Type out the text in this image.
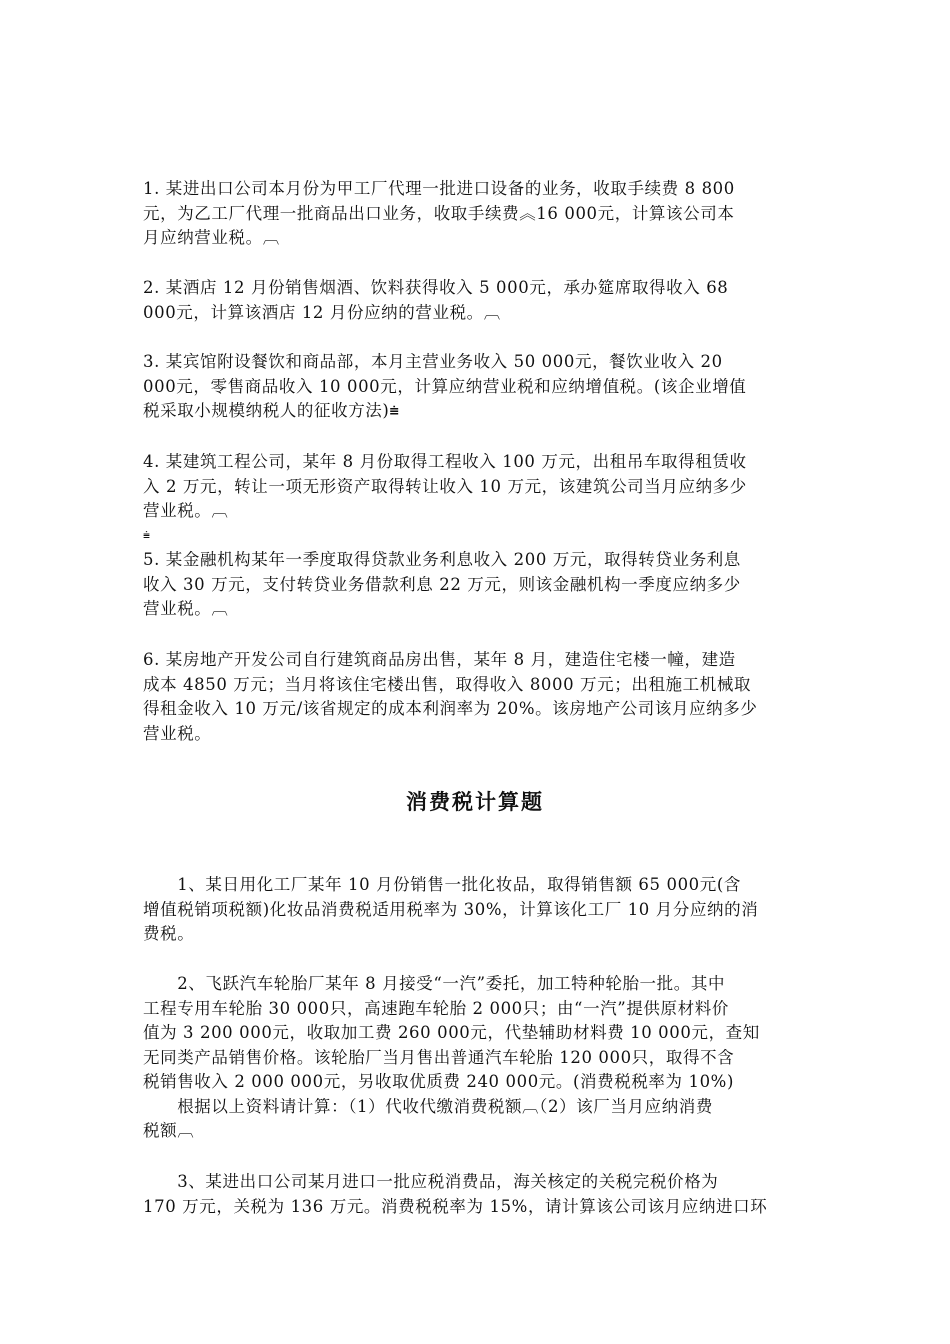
1. 某进出口公司本月份为甲工厂代理一批进口设备的业务，收取手续费 8 800
元，为乙工厂代理一批商品出口业务，收取手续费︽16 000元，计算该公司本
月应纳营业税。︹
2. 某酒店 12 月份销售烟酒、饮料获得收入 5 000元，承办筵席取得收入 68
000元，计算该酒店 12 月份应纳的营业税。︹
3. 某宾馆附设餐饮和商品部，本月主营业务收入 50 000元，餐饮业收入 20
000元，零售商品收入 10 000元，计算应纳营业税和应纳增值税。(该企业增值
税采取小规模纳税人的征收方法)⩧
4. 某建筑工程公司，某年 8 月份取得工程收入 100 万元，出租吊车取得租赁收
入 2 万元，转让一项无形资产取得转让收入 10 万元，该建筑公司当月应纳多少
营业税。︹
⩧
5. 某金融机构某年一季度取得贷款业务利息收入 200 万元，取得转贷业务利息
收入 30 万元，支付转贷业务借款利息 22 万元，则该金融机构一季度应纳多少
营业税。︹
6. 某房地产开发公司自行建筑商品房出售，某年 8 月，建造住宅楼一幢，建造
成本 4850 万元；当月将该住宅楼出售，取得收入 8000 万元；出租施工机械取
得租金收入 10 万元/该省规定的成本利润率为 20%。该房地产公司该月应纳多少
营业税。
消费税计算题
　　1、某日用化工厂某年 10 月份销售一批化妆品，取得销售额 65 000元(含
增值税销项税额)化妆品消费税适用税率为 30%，计算该化工厂 10 月分应纳的消
费税。
　　2、飞跃汽车轮胎厂某年 8 月接受“一汽”委托，加工特种轮胎一批。其中
工程专用车轮胎 30 000只，高速跑车轮胎 2 000只；由“一汽”提供原材料价
值为 3 200 000元，收取加工费 260 000元，代垫辅助材料费 10 000元，查知
无同类产品销售价格。该轮胎厂当月售出普通汽车轮胎 120 000只，取得不含
税销售收入 2 000 000元，另收取优质费 240 000元。(消费税税率为 10%)
　　根据以上资料请计算：（1）代收代缴消费税额︹（2）该厂当月应纳消费
税额︹
　　3、某进出口公司某月进口一批应税消费品，海关核定的关税完税价格为
170 万元，关税为 136 万元。消费税税率为 15%，请计算该公司该月应纳进口环
